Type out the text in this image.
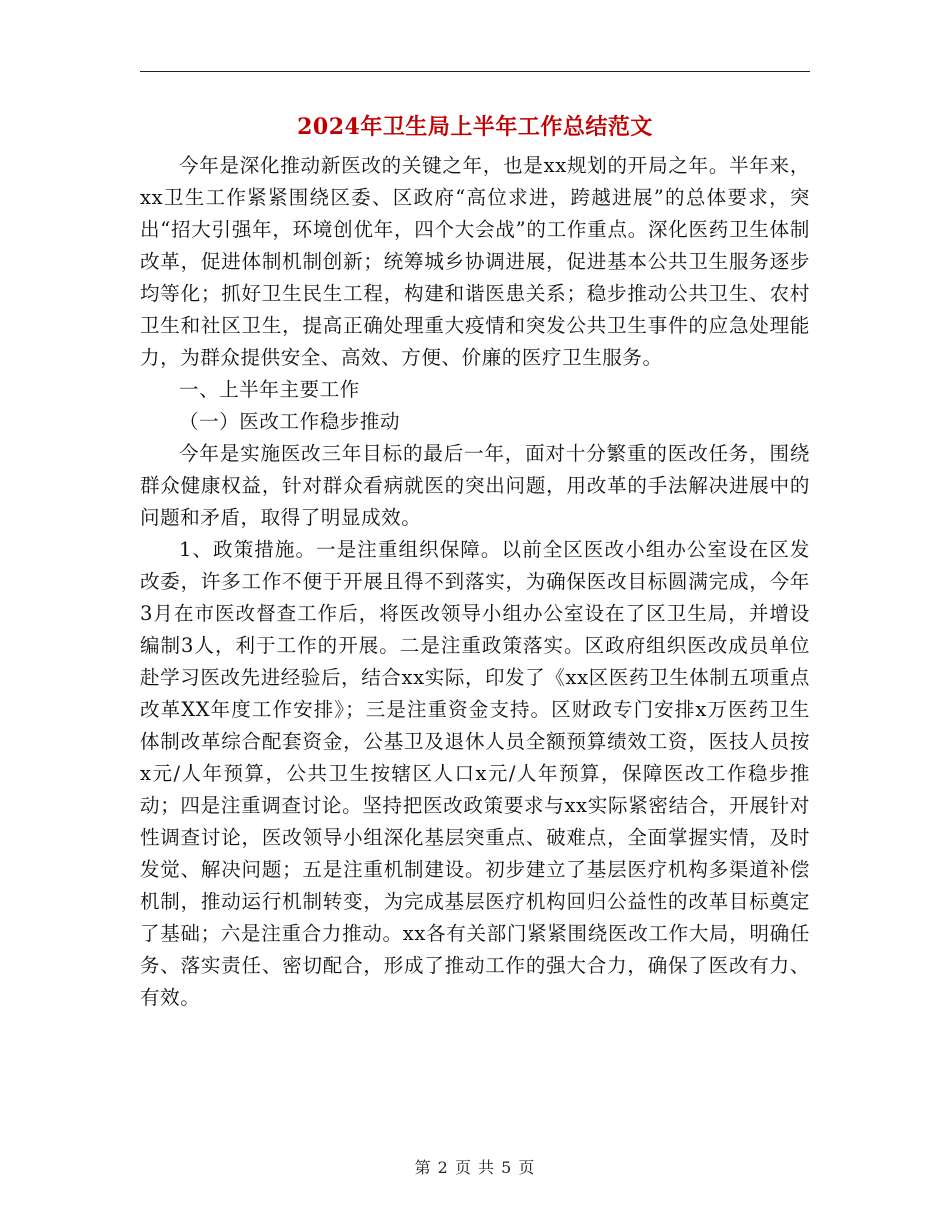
2024年卫生局上半年工作总结范文

今年是深化推动新医改的关键之年，也是xx规划的开局之年。半年来，xx卫生工作紧紧围绕区委、区政府“高位求进，跨越进展”的总体要求，突出“招大引强年，环境创优年，四个大会战”的工作重点。深化医药卫生体制改革，促进体制机制创新；统筹城乡协调进展，促进基本公共卫生服务逐步均等化；抓好卫生民生工程，构建和谐医患关系；稳步推动公共卫生、农村卫生和社区卫生，提高正确处理重大疫情和突发公共卫生事件的应急处理能力，为群众提供安全、高效、方便、价廉的医疗卫生服务。

一、上半年主要工作

（一）医改工作稳步推动

今年是实施医改三年目标的最后一年，面对十分繁重的医改任务，围绕群众健康权益，针对群众看病就医的突出问题，用改革的手法解决进展中的问题和矛盾，取得了明显成效。

1、政策措施。一是注重组织保障。以前全区医改小组办公室设在区发改委，许多工作不便于开展且得不到落实，为确保医改目标圆满完成，今年3月在市医改督查工作后，将医改领导小组办公室设在了区卫生局，并增设编制3人，利于工作的开展。二是注重政策落实。区政府组织医改成员单位赴学习医改先进经验后，结合xx实际，印发了《xx区医药卫生体制五项重点改革XX年度工作安排》；三是注重资金支持。区财政专门安排x万医药卫生体制改革综合配套资金，公基卫及退休人员全额预算绩效工资，医技人员按x元/人年预算，公共卫生按辖区人口x元/人年预算，保障医改工作稳步推动；四是注重调查讨论。坚持把医改政策要求与xx实际紧密结合，开展针对性调查讨论，医改领导小组深化基层突重点、破难点，全面掌握实情，及时发觉、解决问题；五是注重机制建设。初步建立了基层医疗机构多渠道补偿机制，推动运行机制转变，为完成基层医疗机构回归公益性的改革目标奠定了基础；六是注重合力推动。xx各有关部门紧紧围绕医改工作大局，明确任务、落实责任、密切配合，形成了推动工作的强大合力，确保了医改有力、有效。

第 2 页 共 5 页
